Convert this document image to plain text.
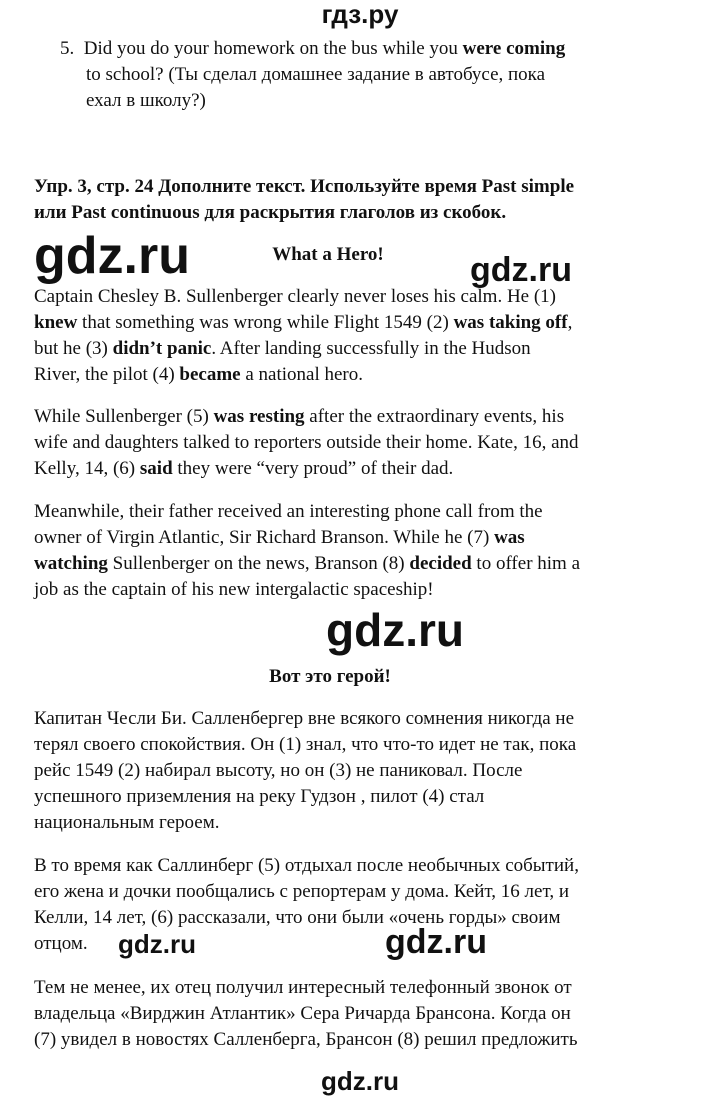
гдз.ру
5. Did you do your homework on the bus while you were coming
to school? (Ты сделал домашнее задание в автобусе, пока
ехал в школу?)
Упр. 3, стр. 24 Дополните текст. Используйте время Past simple
или Past continuous для раскрытия глаголов из скобок.
gdz.ru	gdz.ru
What a Hero!
Captain Chesley B. Sullenberger clearly never loses his calm. He (1)
knew that something was wrong while Flight 1549 (2) was taking off,
but he (3) didn’t panic. After landing successfully in the Hudson
River, the pilot (4) became a national hero.
While Sullenberger (5) was resting after the extraordinary events, his
wife and daughters talked to reporters outside their home. Kate, 16, and
Kelly, 14, (6) said they were “very proud” of their dad.
Meanwhile, their father received an interesting phone call from the
owner of Virgin Atlantic, Sir Richard Branson. While he (7) was
watching Sullenberger on the news, Branson (8) decided to offer him a
job as the captain of his new intergalactic spaceship!
gdz.ru
Вот это герой!
Капитан Чесли Би. Салленбергер вне всякого сомнения никогда не
терял своего спокойствия. Он (1) знал, что что-то идет не так, пока
рейс 1549 (2) набирал высоту, но он (3) не паниковал. После
успешного приземления на реку Гудзон , пилот (4) стал
национальным героем.
В то время как Саллинберг (5) отдыхал после необычных событий,
его жена и дочки пообщались с репортерам у дома. Кейт, 16 лет, и
Келли, 14 лет, (6) рассказали, что они были «очень горды» своим
отцом.	gdz.ru	gdz.ru
Тем не менее, их отец получил интересный телефонный звонок от
владельца «Вирджин Атлантик» Сера Ричарда Брансона. Когда он
(7) увидел в новостях Салленберга, Брансон (8) решил предложить
gdz.ru
